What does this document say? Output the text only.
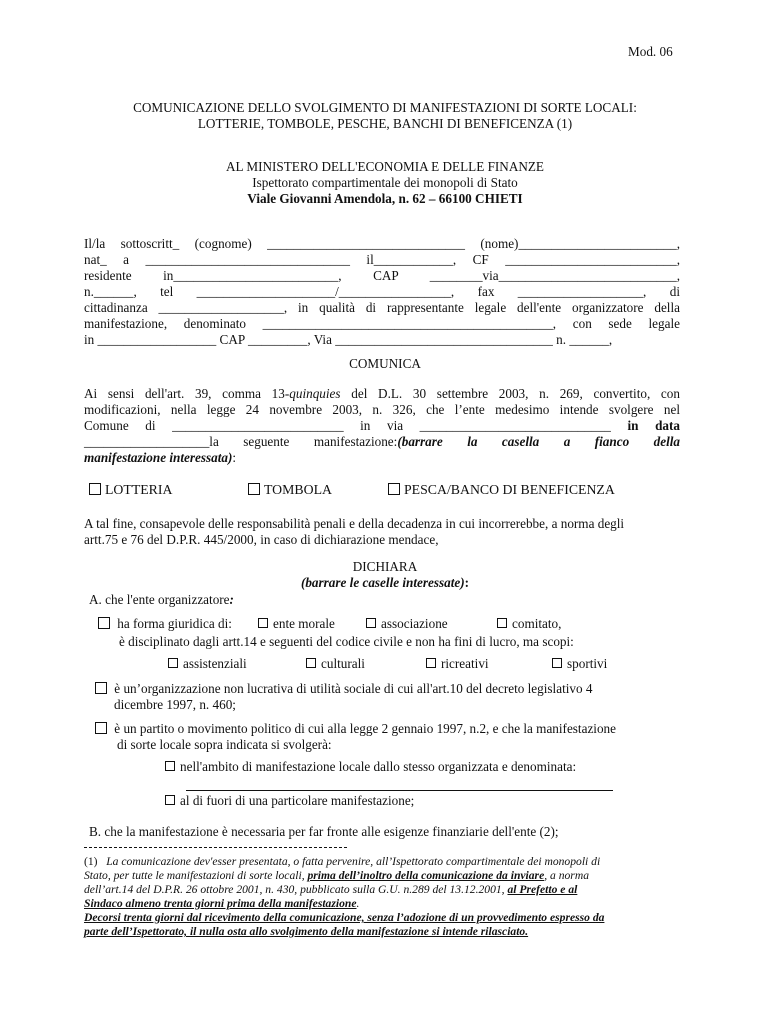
Mod. 06
COMUNICAZIONE DELLO SVOLGIMENTO DI MANIFESTAZIONI DI SORTE LOCALI:
LOTTERIE, TOMBOLE, PESCHE, BANCHI DI BENEFICENZA (1)
AL MINISTERO DELL'ECONOMIA E DELLE FINANZE
Ispettorato compartimentale dei monopoli di Stato
Viale Giovanni Amendola, n. 62 – 66100 CHIETI
Il/la sottoscritt_ (cognome) ______________________________ (nome)________________________,
nat_ a _______________________________ il____________, CF __________________________,
residente in_________________________, CAP ________via___________________________,
n.______, tel _____________________/_________________, fax ___________________, di
cittadinanza ___________________, in qualità di rappresentante legale dell'ente organizzatore della
manifestazione, denominato ____________________________________________, con sede legale
in __________________ CAP _________, Via _________________________________ n. ______,
COMUNICA
Ai sensi dell'art. 39, comma 13-quinquies del D.L. 30 settembre 2003, n. 269, convertito, con
modificazioni, nella legge 24 novembre 2003, n. 326, che l’ente medesimo intende svolgere nel
Comune di __________________________ in via _____________________________ in data
___________________la seguente manifestazione:(barrare la casella a fianco della
manifestazione interessata):
LOTTERIA	TOMBOLA	PESCA/BANCO DI BENEFICENZA
A tal fine, consapevole delle responsabilità penali e della decadenza in cui incorrerebbe, a norma degli
artt.75 e 76 del D.P.R. 445/2000, in caso di dichiarazione mendace,
DICHIARA
(barrare le caselle interessate):
A. che l'ente organizzatore:
ha forma giuridica di:	ente morale	associazione	comitato,
è disciplinato dagli artt.14 e seguenti del codice civile e non ha fini di lucro, ma scopi:
assistenziali	culturali	ricreativi	sportivi
è un’organizzazione non lucrativa di utilità sociale di cui all'art.10 del decreto legislativo 4
dicembre 1997, n. 460;
è un partito o movimento politico di cui alla legge 2 gennaio 1997, n.2, e che la manifestazione
di sorte locale sopra indicata si svolgerà:
nell'ambito di manifestazione locale dallo stesso organizzata e denominata:
al di fuori di una particolare manifestazione;
B. che la manifestazione è necessaria per far fronte alle esigenze finanziarie dell'ente (2);
(1) La comunicazione dev'esser presentata, o fatta pervenire, all’Ispettorato compartimentale dei monopoli di
Stato, per tutte le manifestazioni di sorte locali, prima dell’inoltro della comunicazione da inviare, a norma
dell’art.14 del D.P.R. 26 ottobre 2001, n. 430, pubblicato sulla G.U. n.289 del 13.12.2001, al Prefetto e al
Sindaco almeno trenta giorni prima della manifestazione.
Decorsi trenta giorni dal ricevimento della comunicazione, senza l’adozione di un provvedimento espresso da
parte dell’Ispettorato, il nulla osta allo svolgimento della manifestazione si intende rilasciato.
